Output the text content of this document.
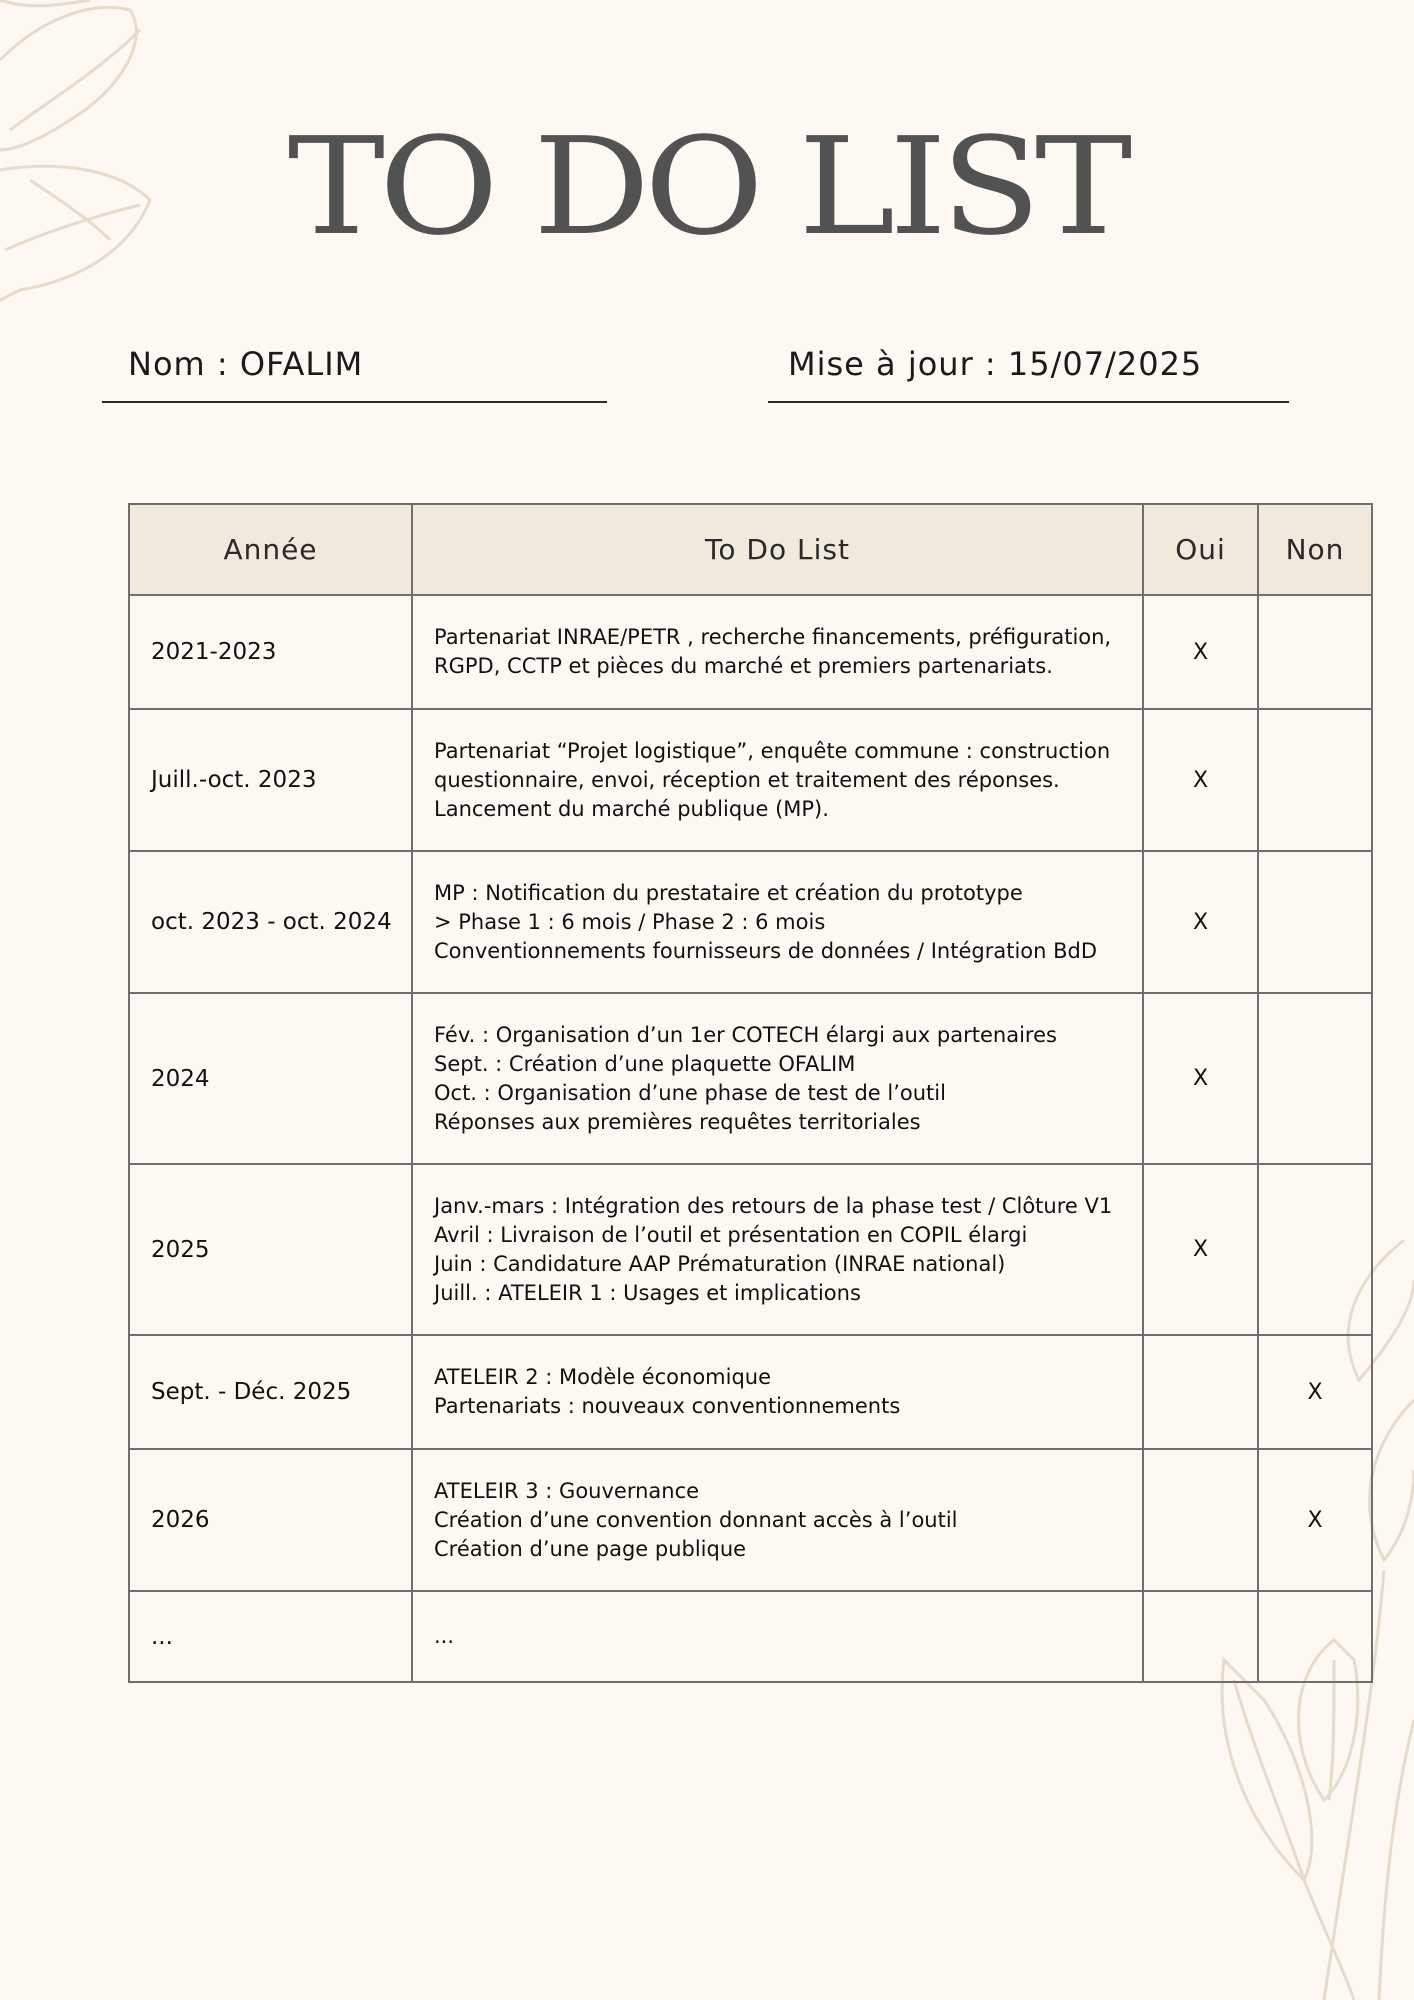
TO DO LIST
Nom : OFALIM	Mise à jour : 15/07/2025
Année	To Do List	Oui	Non
2021-2023	Partenariat INRAE/PETR , recherche financements, préfiguration,
RGPD, CCTP et pièces du marché et premiers partenariats.	X	
Juill.-oct. 2023	Partenariat “Projet logistique”, enquête commune : construction
questionnaire, envoi, réception et traitement des réponses.
Lancement du marché publique (MP).	X	
oct. 2023 - oct. 2024	MP : Notification du prestataire et création du prototype
> Phase 1 : 6 mois / Phase 2 : 6 mois
Conventionnements fournisseurs de données / Intégration BdD	X	
2024	Fév. : Organisation d’un 1er COTECH élargi aux partenaires
Sept. : Création d’une plaquette OFALIM
Oct. : Organisation d’une phase de test de l’outil
Réponses aux premières requêtes territoriales	X	
2025	Janv.-mars : Intégration des retours de la phase test / Clôture V1
Avril : Livraison de l’outil et présentation en COPIL élargi
Juin : Candidature AAP Prématuration (INRAE national)
Juill. : ATELEIR 1 : Usages et implications	X	
Sept. - Déc. 2025	ATELEIR 2 : Modèle économique
Partenariats : nouveaux conventionnements		X
2026	ATELEIR 3 : Gouvernance
Création d’une convention donnant accès à l’outil
Création d’une page publique		X
...	...		
